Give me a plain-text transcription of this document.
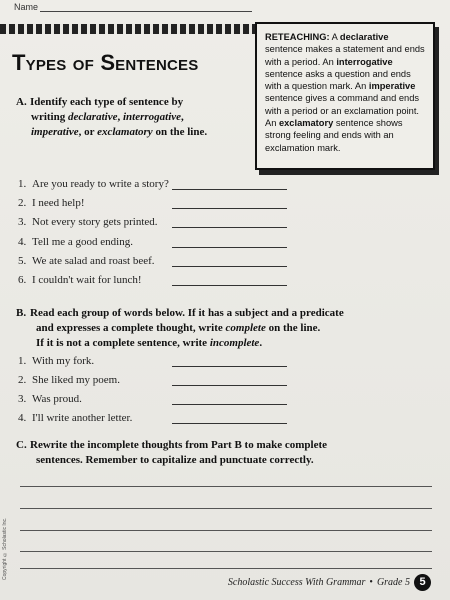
Name
Types of Sentences
RETEACHING: A declarative sentence makes a statement and ends with a period. An interrogative sentence asks a question and ends with a question mark. An imperative sentence gives a command and ends with a period or an exclamation point. An exclamatory sentence shows strong feeling and ends with an exclamation mark.
A. Identify each type of sentence by
writing declarative, interrogative,
imperative, or exclamatory on the line.
1. Are you ready to write a story?
2. I need help!
3. Not every story gets printed.
4. Tell me a good ending.
5. We ate salad and roast beef.
6. I couldn't wait for lunch!
B. Read each group of words below. If it has a subject and a predicate
and expresses a complete thought, write complete on the line.
If it is not a complete sentence, write incomplete.
1. With my fork.
2. She liked my poem.
3. Was proud.
4. I'll write another letter.
C. Rewrite the incomplete thoughts from Part B to make complete
sentences. Remember to capitalize and punctuate correctly.
Copyright © Scholastic Inc.
Scholastic Success With Grammar • Grade 5 5
